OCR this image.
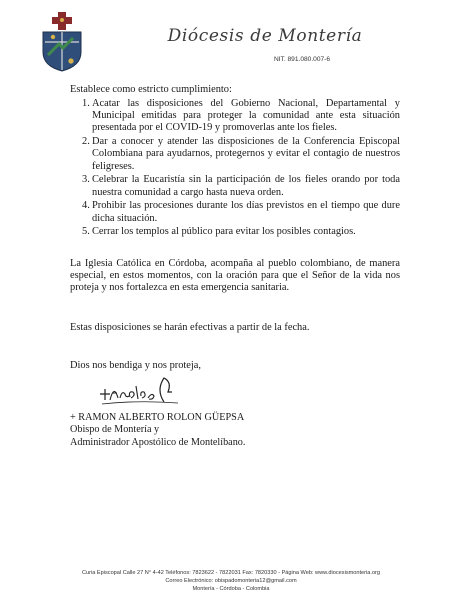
Diócesis de Montería
NIT. 891.080.007-6
Establece como estricto cumplimiento:
1. Acatar las disposiciones del Gobierno Nacional, Departamental y Municipal emitidas para proteger la comunidad ante esta situación presentada por el COVID-19 y promoverlas ante los fieles.
2. Dar a conocer y atender las disposiciones de la Conferencia Episcopal Colombiana para ayudarnos, protegernos y evitar el contagio de nuestros feligreses.
3. Celebrar la Eucaristía sin la participación de los fieles orando por toda nuestra comunidad a cargo hasta nueva orden.
4. Prohibir las procesiones durante los días previstos en el tiempo que dure dicha situación.
5. Cerrar los templos al público para evitar los posibles contagios.

La Iglesia Católica en Córdoba, acompaña al pueblo colombiano, de manera especial, en estos momentos, con la oración para que el Señor de la vida nos proteja y nos fortalezca en esta emergencia sanitaria.

Estas disposiciones se harán efectivas a partir de la fecha.

Dios nos bendiga y nos proteja,

+ RAMON ALBERTO ROLON GÜEPSA
Obispo de Montería y
Administrador Apostólico de Montelíbano.
Curia Episcopal Calle 27 N° 4-42 Teléfonos: 7823622 - 7822031 Fax: 7820330 - Página Web: www.diocesismonteria.org
Correo Electrónico: obispadomonteria12@gmail.com
Montería - Córdoba - Colombia
